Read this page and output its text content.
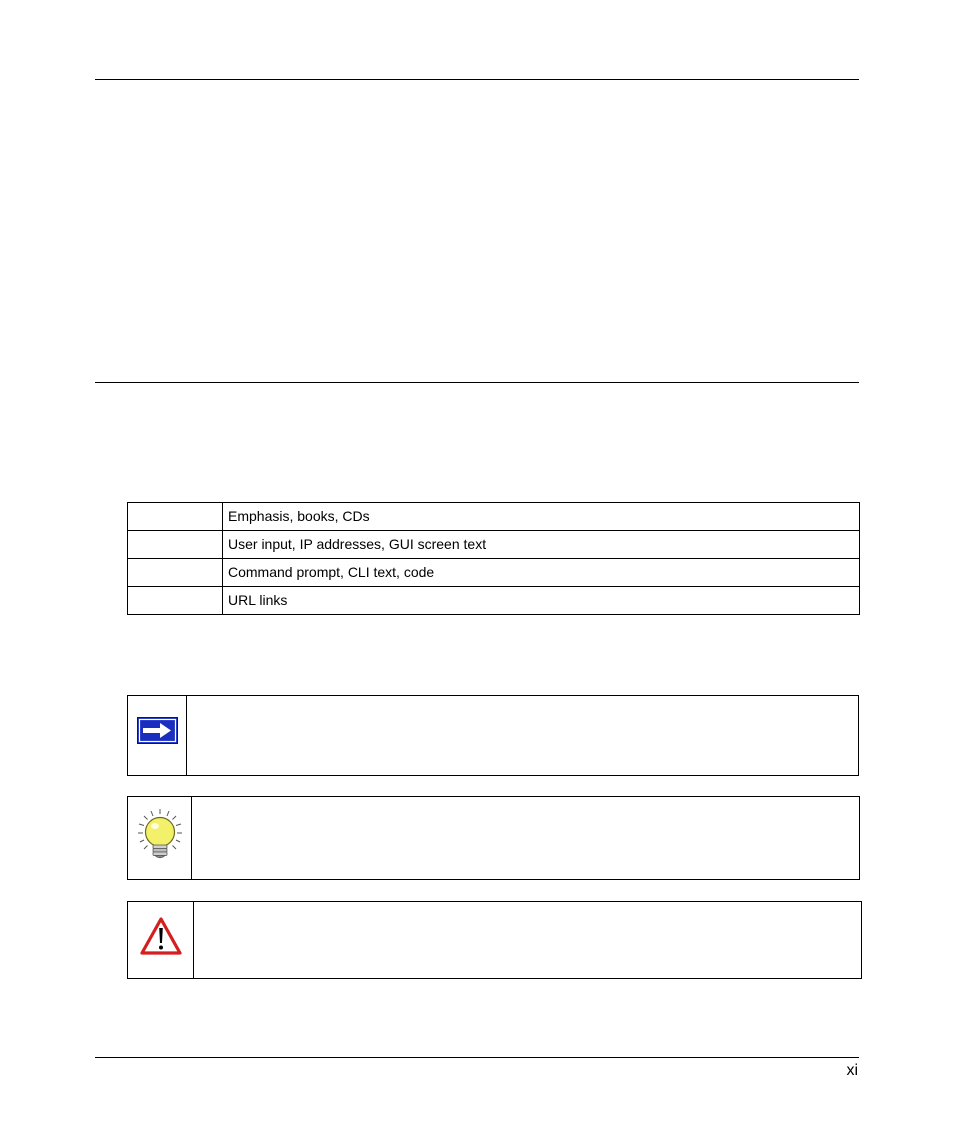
	Emphasis, books, CDs
	User input, IP addresses, GUI screen text
	Command prompt, CLI text, code
	URL links
xi
